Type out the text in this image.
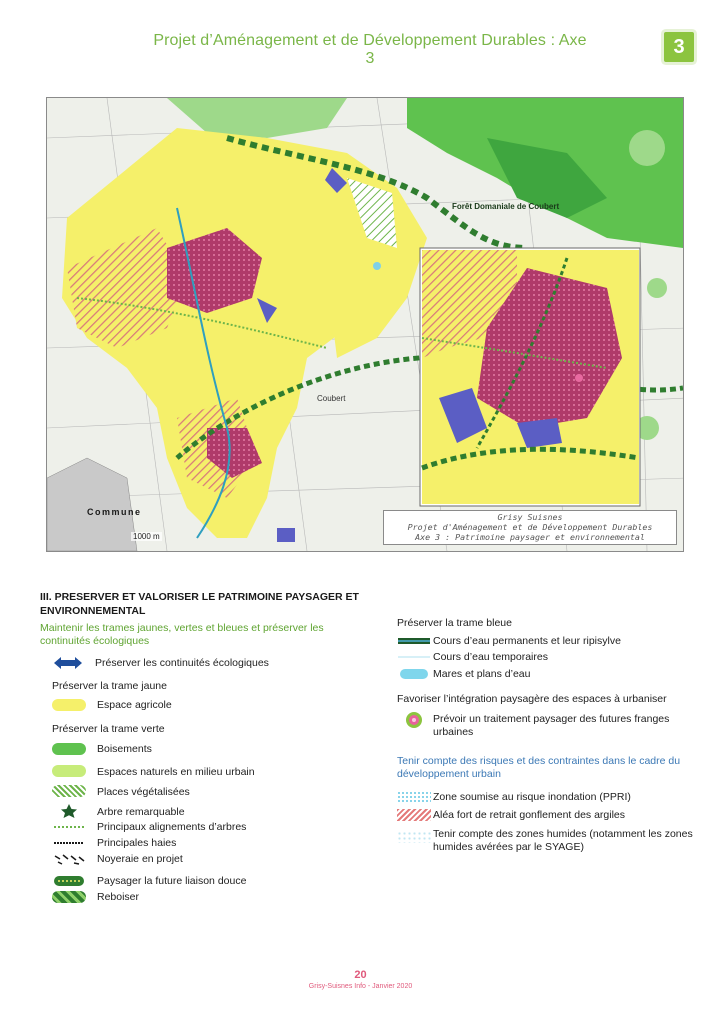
Projet d’Aménagement et de Développement Durables : Axe 3
3
Coubert
Forêt Domaniale de Coubert
Commune
1000 m
Grisy Suisnes
Projet d'Aménagement et de Développement Durables
Axe 3 : Patrimoine paysager et environnemental
III. PRESERVER ET VALORISER LE PATRIMOINE PAYSAGER ET ENVIRONNEMENTAL
Maintenir les trames jaunes, vertes et bleues et préserver les continuités écologiques
Préserver les continuités écologiques
Préserver la trame jaune
Espace agricole
Préserver la trame verte
Boisements
Espaces naturels en milieu urbain
Places végétalisées
Arbre remarquable
Principaux alignements d’arbres
Principales haies
Noyeraie en projet
Paysager la future liaison douce
Reboiser
Préserver la trame bleue
Cours d’eau permanents et leur ripisylve
Cours d’eau temporaires
Mares et plans d’eau
Favoriser l’intégration paysagère des espaces à urbaniser
Prévoir un traitement paysager des futures franges urbaines
Tenir compte des risques et des contraintes dans le cadre du développement urbain
Zone soumise au risque inondation (PPRI)
Aléa fort de retrait gonflement des argiles
Tenir compte des zones humides (notamment les zones humides avérées par le SYAGE)
20
Grisy-Suisnes Info - Janvier 2020
